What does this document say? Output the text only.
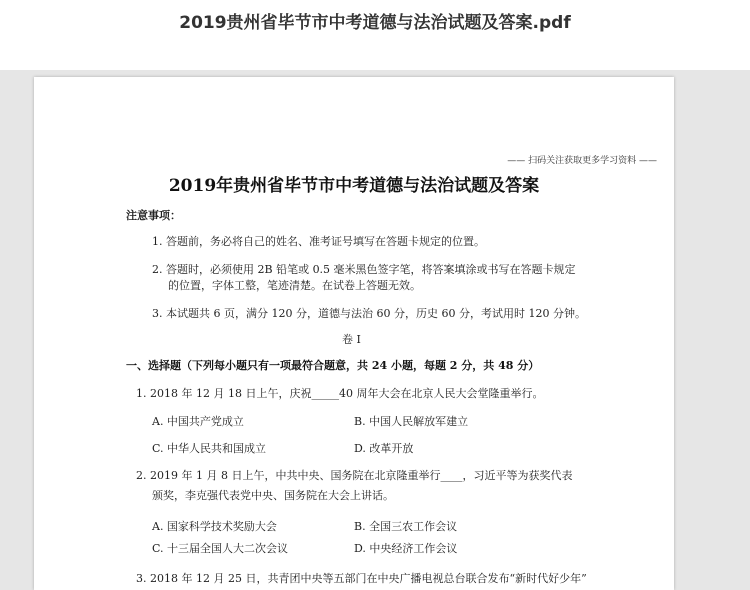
2019贵州省毕节市中考道德与法治试题及答案.pdf
—— 扫码关注获取更多学习资料 ——
2019年贵州省毕节市中考道德与法治试题及答案
注意事项：
1. 答题前，务必将自己的姓名、准考证号填写在答题卡规定的位置。
2. 答题时，必须使用 2B 铅笔或 0.5 毫米黑色签字笔，将答案填涂或书写在答题卡规定
的位置，字体工整，笔迹清楚。在试卷上答题无效。
3. 本试题共 6 页，满分 120 分，道德与法治 60 分，历史 60 分，考试用时 120 分钟。
卷 Ⅰ
一、选择题（下列每小题只有一项最符合题意，共 24 小题，每题 2 分，共 48 分）
1. 2018 年 12 月 18 日上午，庆祝_____40 周年大会在北京人民大会堂隆重举行。
A. 中国共产党成立	B. 中国人民解放军建立
C. 中华人民共和国成立	D. 改革开放
2. 2019 年 1 月 8 日上午，中共中央、国务院在北京隆重举行____，习近平等为获奖代表
颁奖，李克强代表党中央、国务院在大会上讲话。
A. 国家科学技术奖励大会	B. 全国三农工作会议
C. 十三届全国人大二次会议	D. 中央经济工作会议
3. 2018 年 12 月 25 日，共青团中央等五部门在中央广播电视总台联合发布“新时代好少年”
